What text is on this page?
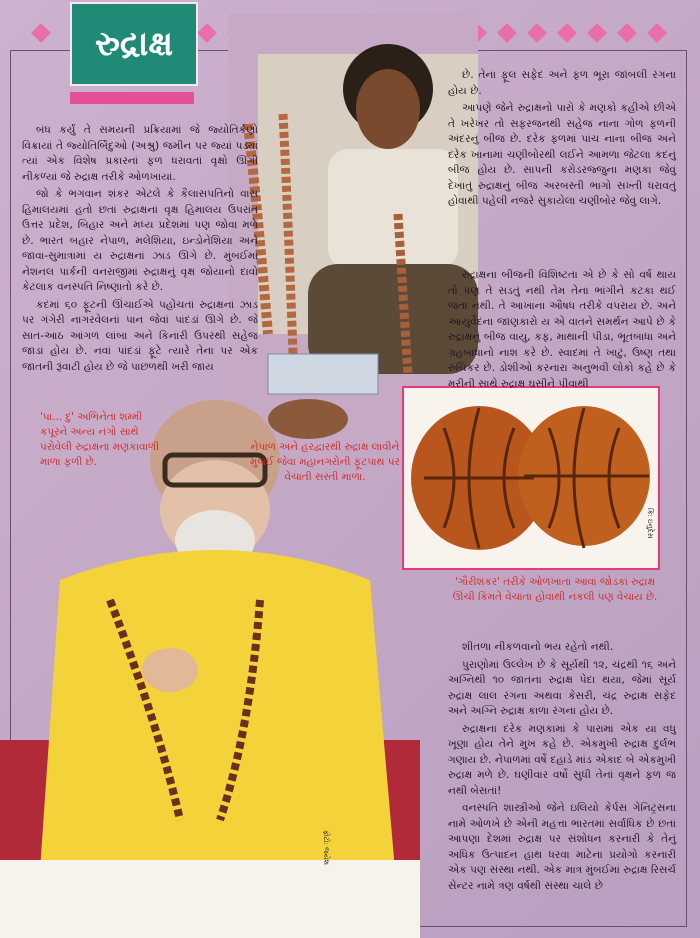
રુદ્રાક્ષ
કિં: ઇનુદેસ
ફોટો: જયેશ

બંધ કર્યું તે સમયની પ્રક્રિયામાં જે જ્યોતિર્કણો વિક્રાયાં તે જ્યોતિર્બિંદુઓ (અશ્રુ) જમીન પર જ્યાં પડ્યાં ત્યાં એક વિશેષ પ્રકારનાં ફળ ધરાવતાં વૃક્ષો ઊગી નીકળ્યાં જે રુદ્રાક્ષ તરીકે ઓળખાયાં.

જો કે ભગવાન શંકર એટલે કે કૈલાસપતિનો વાસ હિમાલયમાં હતો છતાં રુદ્રાક્ષનાં વૃક્ષ હિમાલય ઉપરાંત ઉત્તર પ્રદેશ, બિહાર અને મધ્ય પ્રદેશમાં પણ જોવા મળે છે. ભારત બહાર નેપાળ, મલેશિયા, ઇન્ડોનેશિયા અને જાવા-સુમાત્રામાં ય રુદ્રાક્ષનાં ઝાડ ઊગે છે. મુંબઈમાં નેશનલ પાર્કની વનરાજીમાં રુદ્રાક્ષનું વૃક્ષ જોયાનો દાવો કેટલાક વનસ્પતિ નિષ્ણાતો કરે છે.

કદમાં ૬૦ ફૂટની ઊંચાઈએ પહોંચતાં રુદ્રાક્ષનાં ઝાડ પર ગંગેરી નાગરવેલનાં પાન જેવાં પાંદડાં ઊગે છે. જે સાત-આઠ આંગળ લાંબા અને કિનારી ઉપરથી સહેજ જાડાં હોય છે. નવાં પાંદડાં ફૂટે ત્યારે તેના પર એક જાતની રૂંવાટી હોય છે જે પાછળથી ખરી જાય

છે. તેના ફૂલ સફેદ અને ફળ ભૂરા જાંબલી રંગના હોય છે.

આપણે જેને રુદ્રાક્ષનો પારો કે મણકો કહીએ છીએ તે ખરેખર તો સફરજનથી સહેજ નાના ગોળ ફળની અંદરનું બીજ છે. દરેક ફળમાં પાંચ નાના બીજ અને દરેક ખાનામાં ચણીબોરથી લઈને આમળા જેટલા કદનું બીજ હોય છે. સાપની કરોડરજ્જુના મણકા જેવું દેખાતું રુદ્રાક્ષનું બીજ અરબસ્તી ભાગો સખ્તી ધરાવતું હોવાથી પહેલી નજરે સુકાયેલા ચણીબોર જેવું લાગે.

રુદ્રાક્ષના બીજની વિશિષ્ટતા એ છે કે સો વર્ષ થાય તો પણ તે સડતું નથી તેમ તેના ભાંગીને કટકા થઈ જતા નથી. તે આખાના ઔષધ તરીકે વપરાય છે. અને આયુર્વેદના જાણકારો ય એ વાતને સમર્થન આપે છે કે રુદ્રાક્ષનું બીજ વાયુ, કફ, માથાની પીડા, ભૂતબાધા અને ગ્રહબાધાનો નાશ કરે છે. સ્વાદમાં તે ખાટું, ઉષ્ણ તથા રુચિકર છે. ડોશીઓ કરનારા અનુભવી લોકો કહે છે કે મરીની સાથે રુદ્રાક્ષ ઘસીને પીવાથી

શીતળા નીકળવાનો ભય રહેતો નથી.

પુરાણોમાં ઉલ્લેખ છે કે સૂર્યથી ૧૨, ચંદ્રથી ૧૬ અને અગ્નિથી ૧૦ જાતના રુદ્રાક્ષ પેદા થયા, જેમાં સૂર્ય રુદ્રાક્ષ લાલ રંગના અથવા કેસરી, ચંદ્ર રુદ્રાક્ષ સફેદ અને અગ્નિ રુદ્રાક્ષ કાળા રંગના હોય છે.

રુદ્રાક્ષના દરેક મણકામાં કે પારામાં એક યા વધુ ખૂણા હોય તેને મુખ કહે છે. એકમુખી રુદ્રાક્ષ દુર્લભ ગણાય છે. નેપાળમાં વર્ષે દહાડે માંડ એકાદ બે એકમુખી રુદ્રાક્ષ મળે છે. ઘણીવાર વર્ષો સુધી તેનાં વૃક્ષને ફળ જ નથી બેસતાં!

વનસ્પતિ શાસ્ત્રીઓ જેને ઇલિયો કેર્પસ ગેનિટ્રસના નામે ઓળખે છે એની મહત્તા ભારતમાં સર્વાધિક છે છતાં આપણા દેશમાં રુદ્રાક્ષ પર સંશોધન કરનારી કે તેનું અધિક ઉત્પાદન હાથ ધરવા માટેના પ્રયોગો કરનારી એક પણ સંસ્થા નથી. એક માત્ર મુંબઈમાં રુદ્રાક્ષ રિસર્ચ સેન્ટર નામે ત્રણ વર્ષથી સંસ્થા ચાલે છે

'પા... દુ' અભિનેતા શમ્મી કપૂરને અન્ય નંગો સાથે પરોવેલી રુદ્રાક્ષના મણકાવાળી માળા ફળી છે.
નેપાળ અને હરદ્વારથી રુદ્રાક્ષ લાવીને મુંબઈ જેવા મહાનગરોની ફૂટપાથ પર વેચાતી સસ્તી માળા.
'ગૌરીશંકર' તરીકે ઓળખાતા આવાં જોડકાં રુદ્રાક્ષ ઊંચી કિંમતે વેચાતા હોવાથી નકલી પણ વેચાય છે.
